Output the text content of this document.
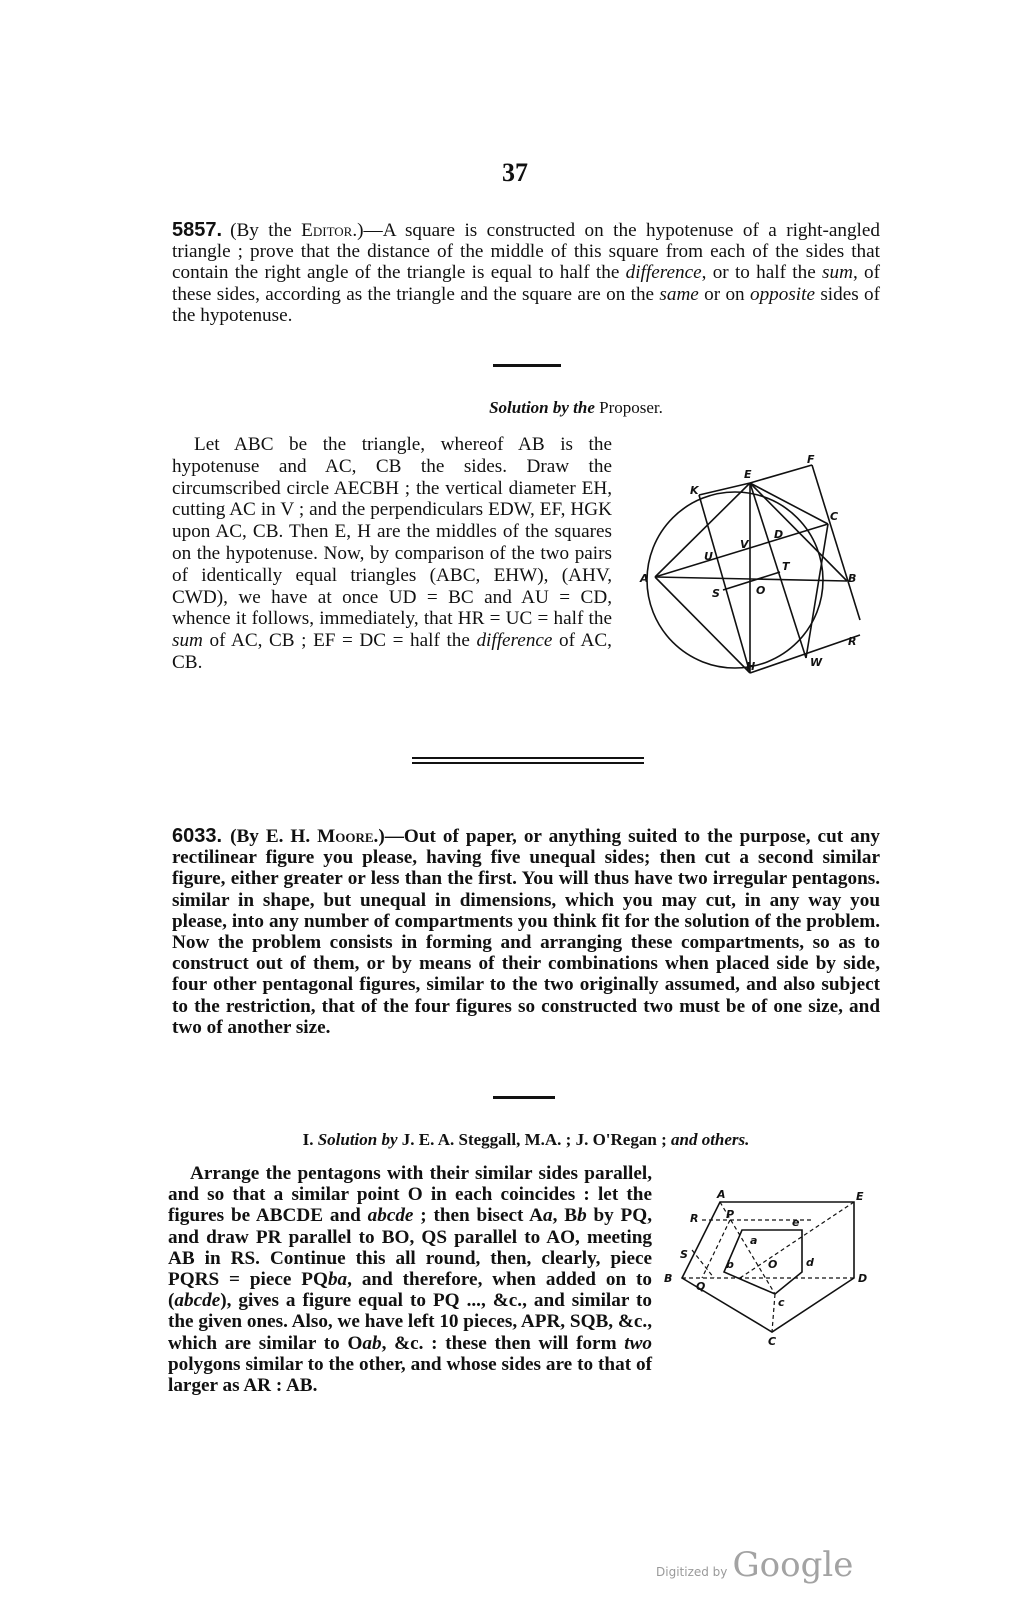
37
5857. (By the Editor.)—A square is constructed on the hypotenuse of a right-angled triangle ; prove that the distance of the middle of this square from each of the sides that contain the right angle of the triangle is equal to half the difference, or to half the sum, of these sides, according as the triangle and the square are on the same or on opposite sides of the hypotenuse.
Solution by the Proposer.
Let ABC be the triangle, whereof AB is the hypotenuse and AC, CB the sides. Draw the circumscribed circle AECBH ; the vertical diameter EH, cutting AC in V ; and the perpendiculars EDW, EF, HGK upon AC, CB. Then E, H are the middles of the squares on the hypotenuse. Now, by comparison of the two pairs of identically equal triangles (ABC, EHW), (AHV, CWD), we have at once UD = BC and AU = CD, whence it follows, immediately, that HR = UC = half the sum of AC, CB ; EF = DC = half the difference of AC, CB.
F
E
K
C
D
V
U
T
A	B
S	O
W
H
R
6033. (By E. H. Moore.)—Out of paper, or anything suited to the purpose, cut any rectilinear figure you please, having five unequal sides; then cut a second similar figure, either greater or less than the first. You will thus have two irregular pentagons. similar in shape, but unequal in dimensions, which you may cut, in any way you please, into any number of compartments you think fit for the solution of the problem. Now the problem consists in forming and arranging these compartments, so as to construct out of them, or by means of their combinations when placed side by side, four other pentagonal figures, similar to the two originally assumed, and also subject to the restriction, that of the four figures so constructed two must be of one size, and two of another size.
I. Solution by J. E. A. Steggall, M.A. ; J. O'Regan ; and others.
Arrange the pentagons with their similar sides parallel, and so that a similar point O in each coincides : let the figures be ABCDE and abcde ; then bisect Aa, Bb by PQ, and draw PR parallel to BO, QS parallel to AO, meeting AB in RS. Continue this all round, then, clearly, piece PQRS = piece PQba, and therefore, when added on to (abcde), gives a figure equal to PQ ..., &c., and similar to the given ones. Also, we have left 10 pieces, APR, SQB, &c., which are similar to Oab, &c. : these then will form two polygons similar to the other, and whose sides are to that of larger as AR : AB.
A	E
B
C
D
P
Q
R
S
a
b
c
d
e
O
Digitized by Google
